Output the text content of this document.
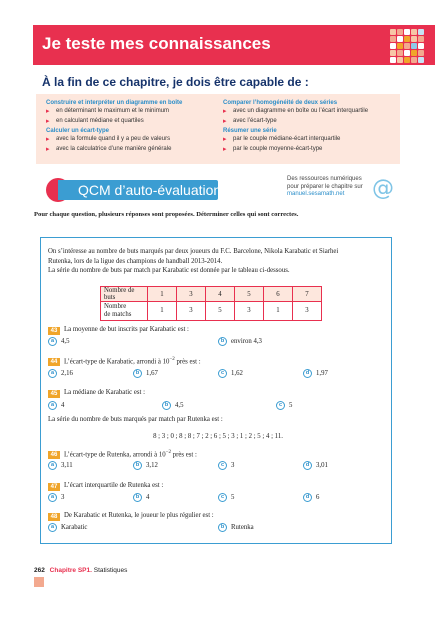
Je teste mes connaissances
À la fin de ce chapitre, je dois être capable de :
Construire et interpréter un diagramme en boîte
▸ en déterminant le maximum et le minimum
▸ en calculant médiane et quartiles
Calculer un écart-type
▸ avec la formule quand il y a peu de valeurs
▸ avec la calculatrice d’une manière générale
Comparer l’homogénéité de deux séries
▸ avec un diagramme en boîte ou l’écart interquartile
▸ avec l’écart-type
Résumer une série
▸ par le couple médiane-écart interquartile
▸ par le couple moyenne-écart-type
QCM d’auto-évaluation
Des ressources numériques
pour préparer le chapitre sur
manuel.sesamath.net	@
Pour chaque question, plusieurs réponses sont proposées. Déterminer celles qui sont correctes.
On s’intéresse au nombre de buts marqués par deux joueurs du F.C. Barcelone, Nikola Karabatic et Siarhei
Rutenka, lors de la ligue des champions de handball 2013-2014.
La série du nombre de buts par match par Karabatic est donnée par le tableau ci-dessous.
Nombre de buts	1	3	4	5	6	7

Nombre
de matchs	1	3	5	3	1	3
43 La moyenne de but inscrits par Karabatic est :
a	4,5	b	environ 4,3
44 L’écart-type de Karabatic, arrondi à $10^{-2}$ près est :
a	2,16	b	1,67	c	1,62	d	1,97
45 La médiane de Karabatic est :
a	4	b	4,5	c	5
La série du nombre de buts marqués par match par Rutenka est :
8 ; 3 ; 0 ; 8 ; 8 ; 7 ; 2 ; 6 ; 5 ; 3 ; 1 ; 2 ; 5 ; 4 ; 11.
46 L’écart-type de Rutenka, arrondi à $10^{-2}$ près est :
a	3,11	b	3,12	c	3	d	3,01
47 L’écart interquartile de Rutenka est :
a	3	b	4	c	5	d	6
48 De Karabatic et Rutenka, le joueur le plus régulier est :
a	Karabatic	b	Rutenka
262 Chapitre SP1. Statistiques
